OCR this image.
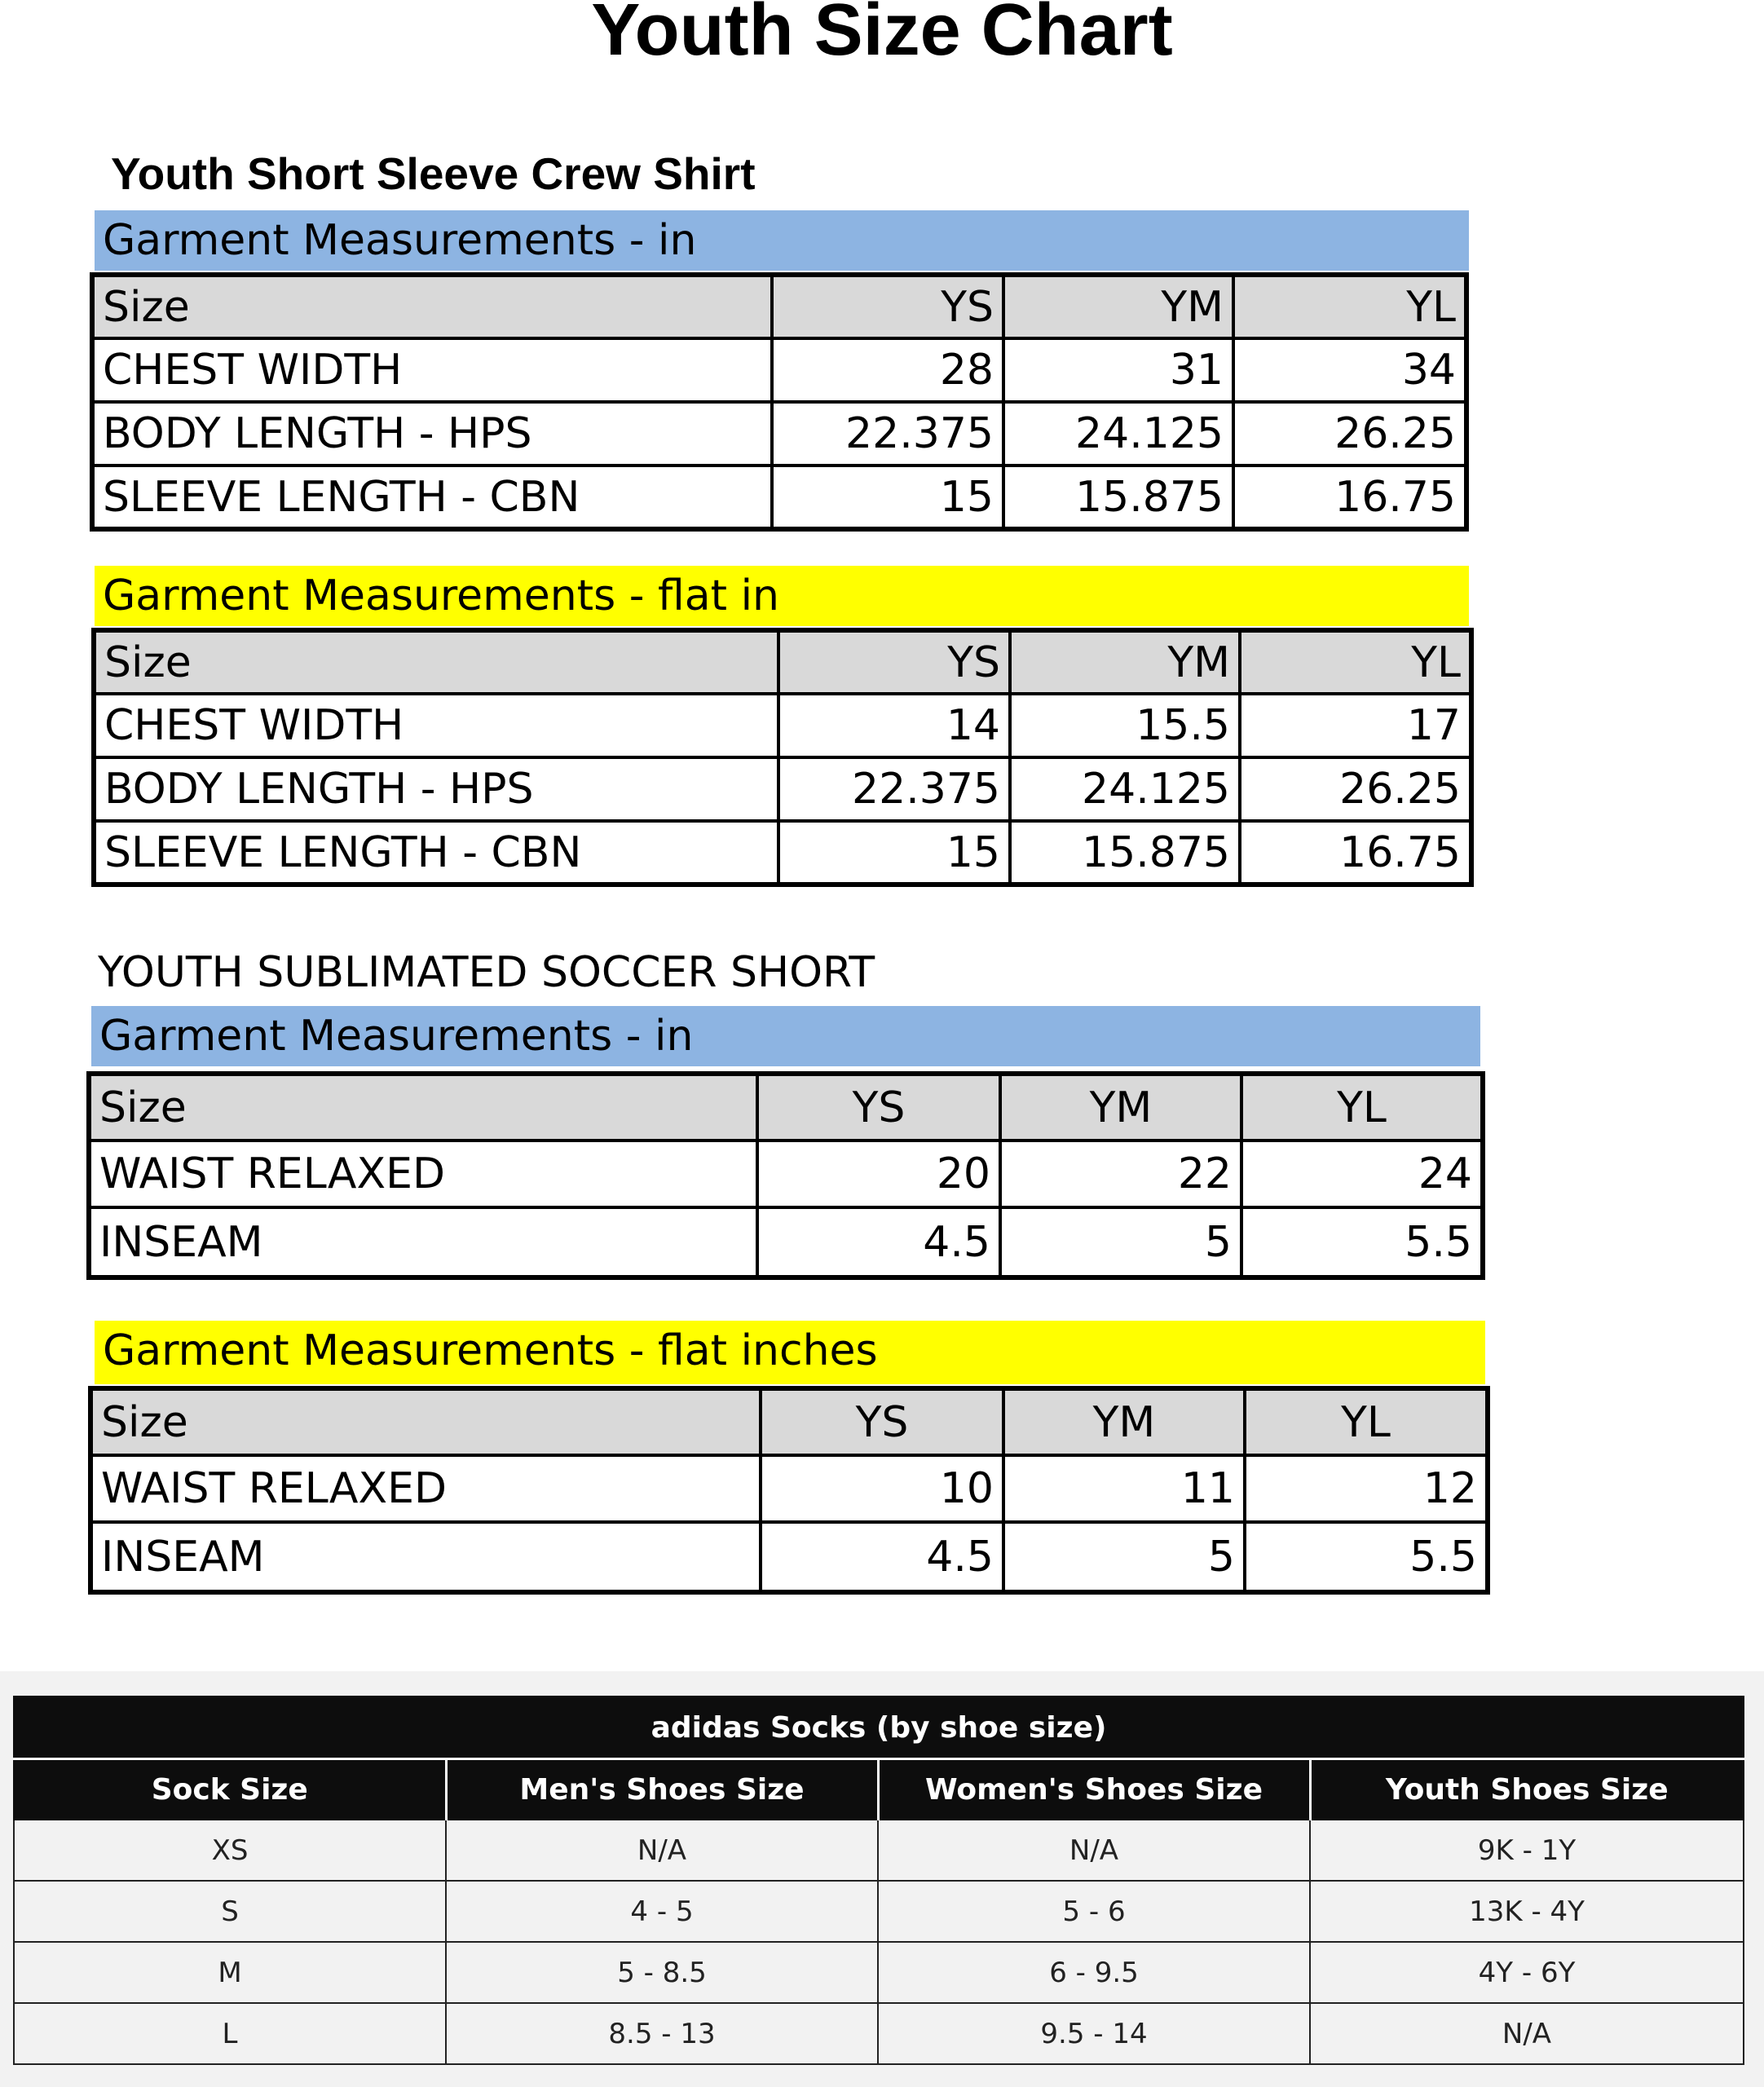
Youth Size Chart
Youth Short Sleeve Crew Shirt
Garment Measurements - in
Size	YS	YM	YL
CHEST WIDTH	28	31	34
BODY LENGTH - HPS	22.375	24.125	26.25
SLEEVE LENGTH - CBN	15	15.875	16.75
Garment Measurements - flat in
Size	YS	YM	YL
CHEST WIDTH	14	15.5	17
BODY LENGTH - HPS	22.375	24.125	26.25
SLEEVE LENGTH - CBN	15	15.875	16.75
YOUTH SUBLIMATED SOCCER SHORT
Garment Measurements - in
Size	YS	YM	YL
WAIST RELAXED	20	22	24
INSEAM	4.5	5	5.5
Garment Measurements - flat inches
Size	YS	YM	YL
WAIST RELAXED	10	11	12
INSEAM	4.5	5	5.5
adidas Socks (by shoe size)			
Sock Size	Men's Shoes Size	Women's Shoes Size	Youth Shoes Size
XS	N/A	N/A	9K - 1Y
S	4 - 5	5 - 6	13K - 4Y
M	5 - 8.5	6 - 9.5	4Y - 6Y
L	8.5 - 13	9.5 - 14	N/A
